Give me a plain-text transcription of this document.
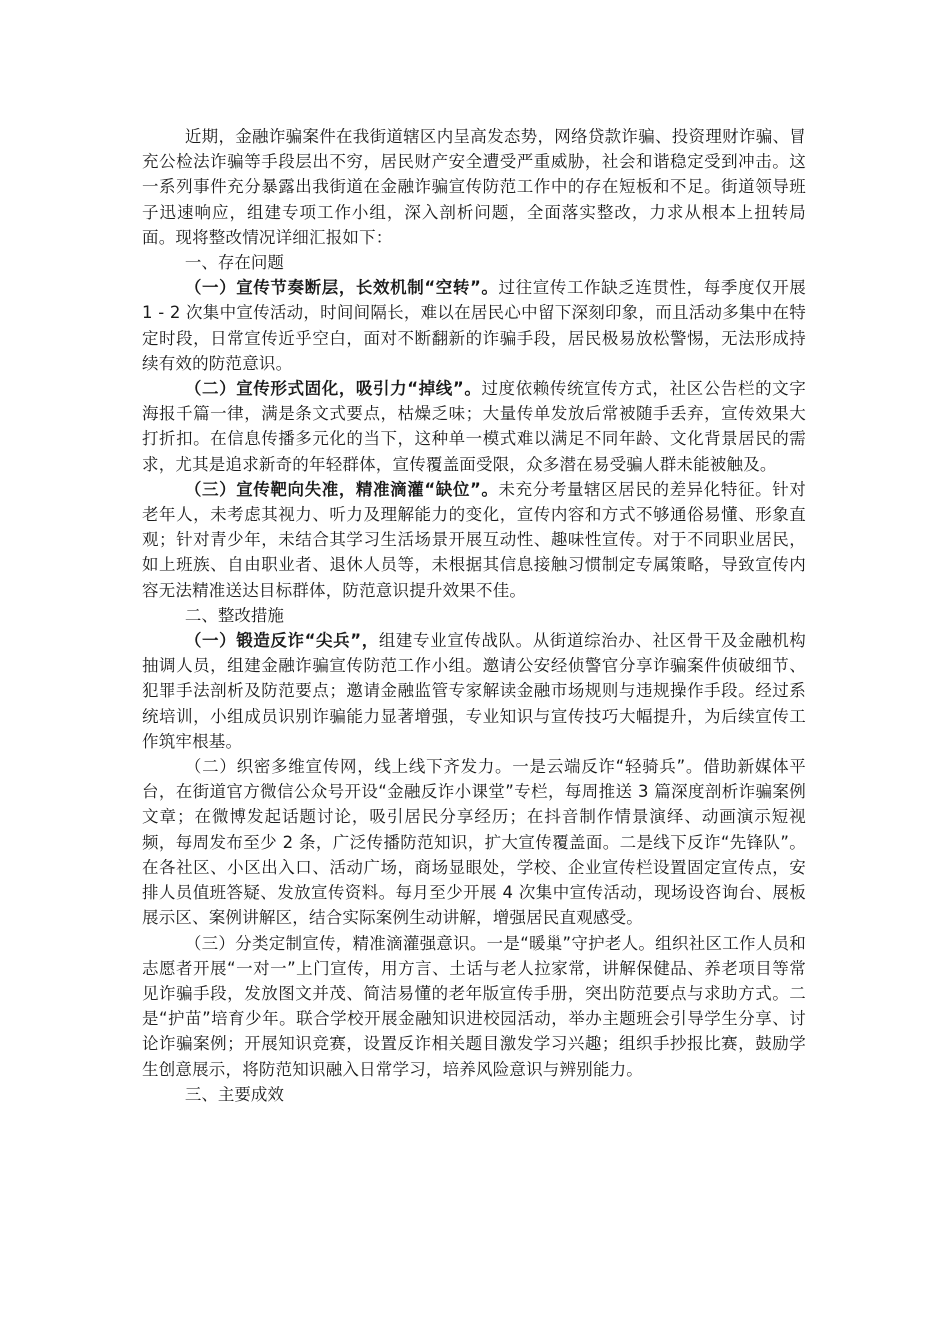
近期，金融诈骗案件在我街道辖区内呈高发态势，网络贷款诈骗、投资理财诈骗、冒充公检法诈骗等手段层出不穷，居民财产安全遭受严重威胁，社会和谐稳定受到冲击。这一系列事件充分暴露出我街道在金融诈骗宣传防范工作中的存在短板和不足。街道领导班子迅速响应，组建专项工作小组，深入剖析问题，全面落实整改，力求从根本上扭转局面。现将整改情况详细汇报如下：

一、存在问题

（一）宣传节奏断层，长效机制“空转”。过往宣传工作缺乏连贯性，每季度仅开展 1 - 2 次集中宣传活动，时间间隔长，难以在居民心中留下深刻印象，而且活动多集中在特定时段，日常宣传近乎空白，面对不断翻新的诈骗手段，居民极易放松警惕，无法形成持续有效的防范意识。

（二）宣传形式固化，吸引力“掉线”。过度依赖传统宣传方式，社区公告栏的文字海报千篇一律，满是条文式要点，枯燥乏味；大量传单发放后常被随手丢弃，宣传效果大打折扣。在信息传播多元化的当下，这种单一模式难以满足不同年龄、文化背景居民的需求，尤其是追求新奇的年轻群体，宣传覆盖面受限，众多潜在易受骗人群未能被触及。

（三）宣传靶向失准，精准滴灌“缺位”。未充分考量辖区居民的差异化特征。针对老年人，未考虑其视力、听力及理解能力的变化，宣传内容和方式不够通俗易懂、形象直观；针对青少年，未结合其学习生活场景开展互动性、趣味性宣传。对于不同职业居民，如上班族、自由职业者、退休人员等，未根据其信息接触习惯制定专属策略，导致宣传内容无法精准送达目标群体，防范意识提升效果不佳。

二、整改措施

（一）锻造反诈“尖兵”，组建专业宣传战队。从街道综治办、社区骨干及金融机构抽调人员，组建金融诈骗宣传防范工作小组。邀请公安经侦警官分享诈骗案件侦破细节、犯罪手法剖析及防范要点；邀请金融监管专家解读金融市场规则与违规操作手段。经过系统培训，小组成员识别诈骗能力显著增强，专业知识与宣传技巧大幅提升，为后续宣传工作筑牢根基。

（二）织密多维宣传网，线上线下齐发力。一是云端反诈“轻骑兵”。借助新媒体平台，在街道官方微信公众号开设“金融反诈小课堂”专栏，每周推送 3 篇深度剖析诈骗案例文章；在微博发起话题讨论，吸引居民分享经历；在抖音制作情景演绎、动画演示短视频，每周发布至少 2 条，广泛传播防范知识，扩大宣传覆盖面。二是线下反诈“先锋队”。在各社区、小区出入口、活动广场，商场显眼处，学校、企业宣传栏设置固定宣传点，安排人员值班答疑、发放宣传资料。每月至少开展 4 次集中宣传活动，现场设咨询台、展板展示区、案例讲解区，结合实际案例生动讲解，增强居民直观感受。

（三）分类定制宣传，精准滴灌强意识。一是“暖巢”守护老人。组织社区工作人员和志愿者开展“一对一”上门宣传，用方言、土话与老人拉家常，讲解保健品、养老项目等常见诈骗手段，发放图文并茂、简洁易懂的老年版宣传手册，突出防范要点与求助方式。二是“护苗”培育少年。联合学校开展金融知识进校园活动，举办主题班会引导学生分享、讨论诈骗案例；开展知识竞赛，设置反诈相关题目激发学习兴趣；组织手抄报比赛，鼓励学生创意展示，将防范知识融入日常学习，培养风险意识与辨别能力。

三、主要成效
